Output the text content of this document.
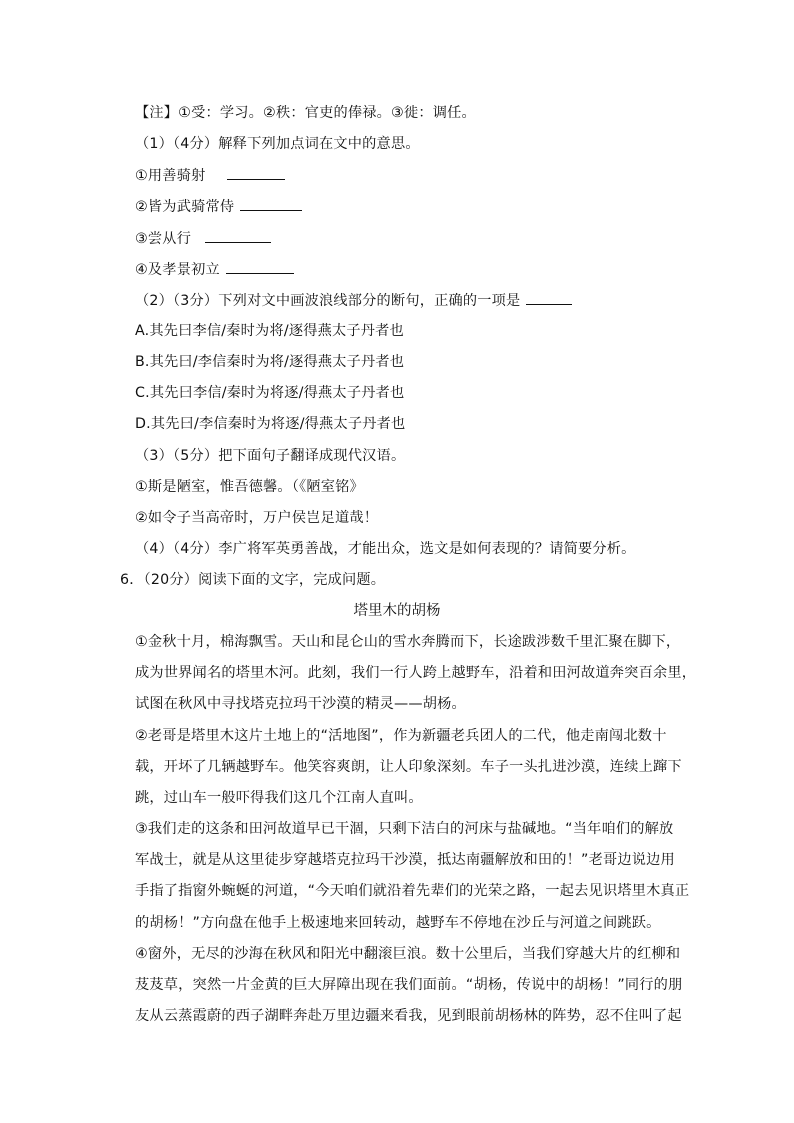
【注】①受：学习。②秩：官吏的俸禄。③徙：调任。
（1）（4分）解释下列加点词在文中的意思。
①用善骑射
②皆为武骑常侍
③尝从行
④及孝景初立
（2）（3分）下列对文中画波浪线部分的断句，正确的一项是
A.其先曰李信/秦时为将/逐得燕太子丹者也
B.其先曰/李信秦时为将/逐得燕太子丹者也
C.其先曰李信/秦时为将逐/得燕太子丹者也
D.其先曰/李信秦时为将逐/得燕太子丹者也
（3）（5分）把下面句子翻译成现代汉语。
①斯是陋室，惟吾德馨。（《陋室铭》
②如令子当高帝时，万户侯岂足道哉！
（4）（4分）李广将军英勇善战，才能出众，选文是如何表现的？请简要分析。
6．（20分）阅读下面的文字，完成问题。
塔里木的胡杨
①金秋十月，棉海飘雪。天山和昆仑山的雪水奔腾而下，长途跋涉数千里汇聚在脚下，
成为世界闻名的塔里木河。此刻，我们一行人跨上越野车，沿着和田河故道奔突百余里，
试图在秋风中寻找塔克拉玛干沙漠的精灵——胡杨。
②老哥是塔里木这片土地上的“活地图”，作为新疆老兵团人的二代，他走南闯北数十
载，开坏了几辆越野车。他笑容爽朗，让人印象深刻。车子一头扎进沙漠，连续上蹿下
跳，过山车一般吓得我们这几个江南人直叫。
③我们走的这条和田河故道早已干涸，只剩下洁白的河床与盐碱地。“当年咱们的解放
军战士，就是从这里徒步穿越塔克拉玛干沙漠，抵达南疆解放和田的！”老哥边说边用
手指了指窗外蜿蜒的河道，“今天咱们就沿着先辈们的光荣之路，一起去见识塔里木真正
的胡杨！”方向盘在他手上极速地来回转动，越野车不停地在沙丘与河道之间跳跃。
④窗外，无尽的沙海在秋风和阳光中翻滚巨浪。数十公里后，当我们穿越大片的红柳和
芨芨草，突然一片金黄的巨大屏障出现在我们面前。“胡杨，传说中的胡杨！”同行的朋
友从云蒸霞蔚的西子湖畔奔赴万里边疆来看我，见到眼前胡杨林的阵势，忍不住叫了起
